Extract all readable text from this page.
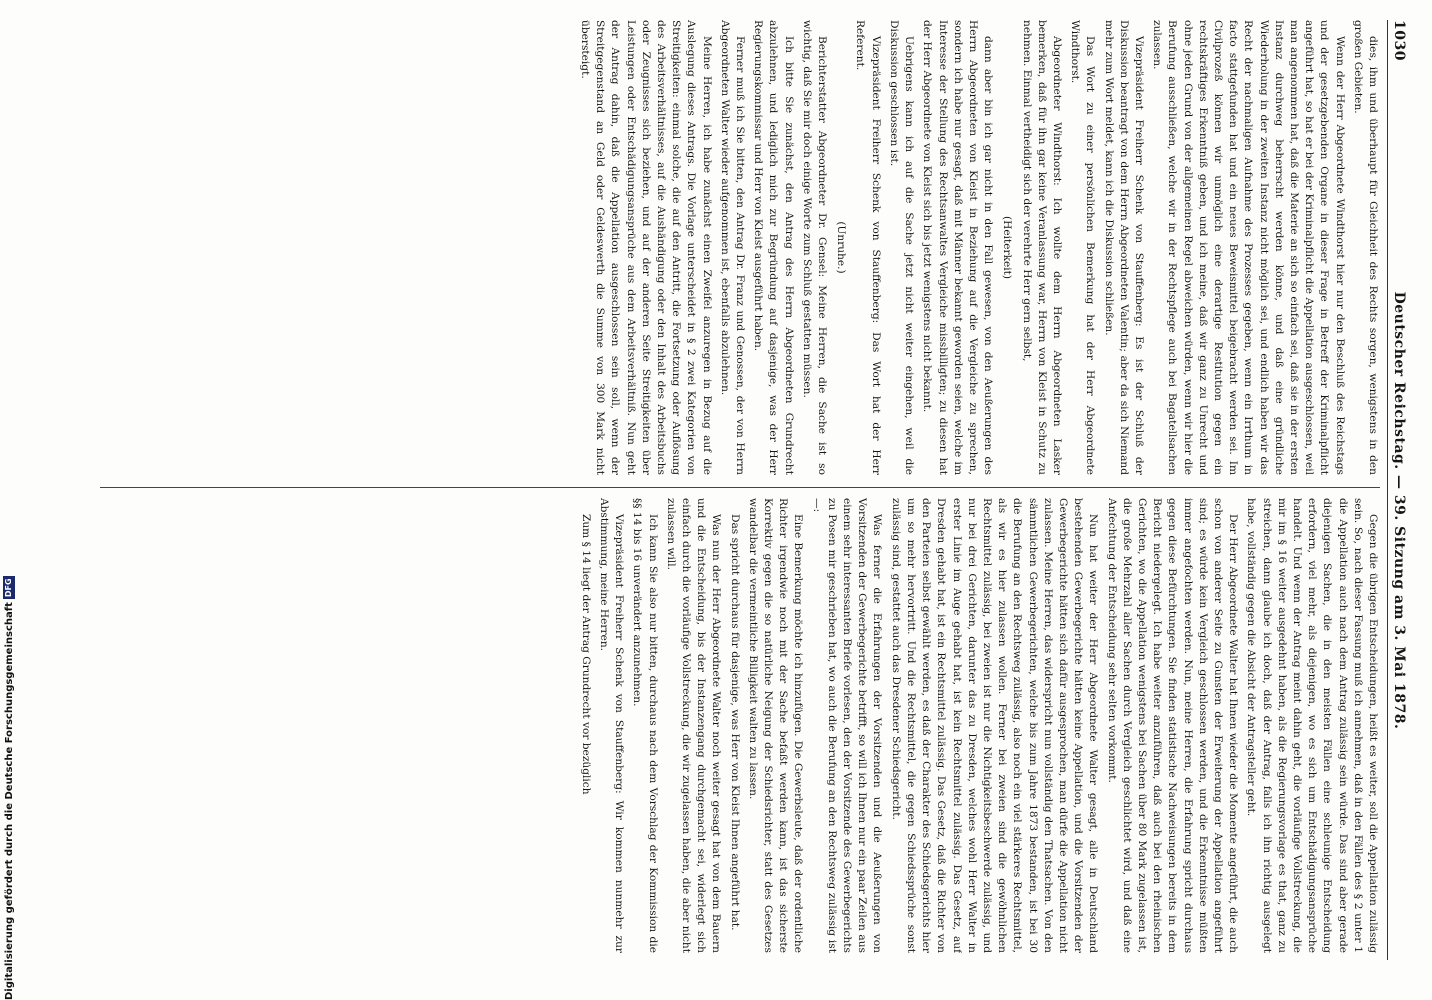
1030
Deutscher Reichstag. — 39. Sitzung am 3. Mai 1878.

dies, ihm und überhaupt für Gleichheit des Rechts sorgen, wenigstens in den großen Gebieten.

Wenn der Herr Abgeordnete Windthorst hier nur den Beschluß des Reichstags und der gesetzgebenden Organe in dieser Frage in Betreff der Kriminalpflicht angeführt hat, so hat er bei der Kriminalpflicht die Appellation ausgeschlossen, weil man angenommen hat, daß die Materie an sich so einfach sei, daß sie in der ersten Instanz durchweg beherrscht werden könne, und daß eine gründliche Wiederholung in der zweiten Instanz nicht möglich sei, und endlich haben wir das Recht der nachmaligen Aufnahme des Prozesses gegeben, wenn ein Irrthum in facto stattgefunden hat und ein neues Beweismittel beigebracht werden sei. Im Civilprozeß können wir unmöglich eine derartige Restitution gegen ein rechtskräftiges Erkenntniß geben, und ich meine, daß wir ganz zu Unrecht und ohne jeden Grund von der allgemeinen Regel abweichen würden, wenn wir hier die Berufung ausschließen, welche wir in der Rechtspflege auch bei Bagatellsachen zulassen.

Vizepräsident Freiherr Schenk von Stauffenberg: Es ist der Schluß der Diskussion beantragt von dem Herrn Abgeordneten Valentin; aber da sich Niemand mehr zum Wort meldet, kann ich die Diskussion schließen.

Das Wort zu einer persönlichen Bemerkung hat der Herr Abgeordnete Windthorst.

Abgeordneter Windthorst: Ich wollte dem Herrn Abgeordneten Lasker bemerken, daß für ihn gar keine Veranlassung war, Herrn von Kleist in Schutz zu nehmen. Einmal vertheidigt sich der verehrte Herr gern selbst,

(Heiterkeit)

dann aber bin ich gar nicht in den Fall gewesen, von den Aeußerungen des Herrn Abgeordneten von Kleist in Beziehung auf die Vergleiche zu sprechen, sondern ich habe nur gesagt, daß mit Männer bekannt geworden seien, welche im Interesse der Stellung des Rechtsanwaltes Vergleiche missbilligten; zu diesen hat der Herr Abgeordnete von Kleist sich bis jetzt wenigstens nicht bekannt.

Uebrigens kann ich auf die Sache jetzt nicht weiter eingehen, weil die Diskussion geschlossen ist.

Vizepräsident Freiherr Schenk von Stauffenberg: Das Wort hat der Herr Referent.

(Unruhe.)

Berichterstatter Abgeordneter Dr. Gensel: Meine Herren, die Sache ist so wichtig, daß Sie mir doch einige Worte zum Schluß gestatten müssen.

Ich bitte Sie zunächst, den Antrag des Herrn Abgeordneten Grundrecht abzulehnen, und lediglich mich zur Begründung auf dasjenige, was der Herr Regierungskommissar und Herr von Kleist ausgeführt haben.

Ferner muß ich Sie bitten, den Antrag Dr. Franz und Genossen, der von Herrn Abgeordneten Walter wieder aufgenommen ist, ebenfalls abzulehnen.

Meine Herren, ich habe zunächst einen Zweifel anzuregen in Bezug auf die Auslegung dieses Antrags. Die Vorlage unterscheidet in § 2 zwei Kategorien von Streitigkeiten: einmal solche, die auf den Antritt, die Fortsetzung oder Auflösung des Arbeitsverhältnisses, auf die Aushändigung oder den Inhalt des Arbeitsbuchs oder Zeugnisses sich beziehen, und auf der anderen Seite Streitigkeiten über Leistungen oder Entschädigungsansprüche aus dem Arbeitsverhältniß. Nun geht der Antrag dahin, daß die Appellation ausgeschlossen sein soll, wenn der Streitgegenstand an Geld oder Geldeswerth die Summe von 300 Mark nicht übersteigt.

Gegen die übrigen Entscheidungen, heißt es weiter, soll die Appellation zulässig sein. So, nach dieser Fassung muß ich annehmen, daß in den Fällen des § 2 unter 1 die Appellation auch nach dem Antrag zulässig sein würde. Das sind aber gerade diejenigen Sachen, die in den meisten Fällen eine schleunige Entscheidung erfordern, viel mehr, als diejenigen, wo es sich um Entschädigungsansprüche handelt. Und wenn der Antrag meint dahin geht, die vorläufige Vollstreckung, die mir im § 16 weiter ausgedehnt haben, als die Regierungsvorlage es that, ganz zu streichen, dann glaube ich doch, daß der Antrag, falls ich ihn richtig ausgelegt habe, vollständig gegen die Absicht der Antragsteller geht.

Der Herr Abgeordnete Walter hat Ihnen wieder die Momente angeführt, die auch schon von anderer Seite zu Gunsten der Erweiterung der Appellation angeführt sind; es würde kein Vergleich geschlossen werden, und die Erkenntnisse müßten immer angefochten werden. Nun, meine Herren, die Erfahrung spricht durchaus gegen diese Befürchtungen. Sie finden statistische Nachweisungen bereits in dem Bericht niedergelegt. Ich habe weiter anzuführen, daß auch bei den rheinischen Gerichten, wo die Appellation wenigstens bei Sachen über 80 Mark zugelassen ist, die große Mehrzahl aller Sachen durch Vergleich geschlichtet wird, und daß eine Anfechtung der Entscheidung sehr selten vorkommt.

Nun hat weiter der Herr Abgeordnete Walter gesagt, alle in Deutschland bestehenden Gewerbegerichte hätten keine Appellation, und die Vorsitzenden der Gewerbegerichte hätten sich dafür ausgesprochen, man dürfe die Appellation nicht zulassen. Meine Herren, das widerspricht nun vollständig den Thatsachen. Von den sämmtlichen Gewerbegerichten, welche bis zum Jahre 1873 bestanden, ist bei 30 die Berufung an den Rechtsweg zulässig, also noch ein viel stärkeres Rechtsmittel, als wir es hier zulassen wollen. Ferner bei zweien sind die gewöhnlichen Rechtsmittel zulässig, bei zweien ist nur die Nichtigkeitsbeschwerde zulässig, und nur bei drei Gerichten, darunter das zu Dresden, welches wohl Herr Walter in erster Linie im Auge gehabt hat, ist kein Rechtsmittel zulässig. Das Gesetz, auf Dresden gehabt hat, ist ein Rechtsmittel zulässig. Das Gesetz, daß die Richter von den Parteien selbst gewählt werden, es daß der Charakter des Schiedsgerichts hier um so mehr hervortritt. Und die Rechtsmittel, die gegen Schiedssprüche sonst zulässig sind, gestattet auch das Dresdener Schiedsgericht.

Was ferner die Erfahrungen der Vorsitzenden und die Aeußerungen von Vorsitzenden der Gewerbegerichte betrifft, so will ich Ihnen nur ein paar Zeilen aus einem sehr interessanten Briefe vorlesen, den der Vorsitzende des Gewerbegerichts zu Posen mir geschrieben hat, wo auch die Berufung an den Rechtsweg zulässig ist —:

Eine Bemerkung möchte ich hinzufügen. Die Gewerbsleute, daß der ordentliche Richter irgendwie noch mit der Sache befaßt werden kann, ist das sicherste Korrektiv gegen die so natürliche Neigung der Schiedsrichter, statt des Gesetzes wandelbar die vermeintliche Billigkeit walten zu lassen.

Das spricht durchaus für dasjenige, was Herr von Kleist Ihnen angeführt hat.

Was nun der Herr Abgeordnete Walter noch weiter gesagt hat von dem Bauern und die Entscheidung, bis der Instanzengang durchgemacht sei, widerlegt sich einfach durch die vorläufige Vollstreckung, die wir zugelassen haben, die aber nicht zulassen will.

Ich kann Sie also nur bitten, durchaus nach dem Vorschlag der Kommission die §§ 14 bis 16 unverändert anzunehmen.

Vizepräsident Freiherr Schenk von Stauffenberg: Wir kommen nunmehr zur Abstimmung, meine Herren.

Zum § 14 liegt der Antrag Grundrecht vor bezüglich

Digitalisierung gefördert durch die Deutsche Forschungsgemeinschaft
DFG
